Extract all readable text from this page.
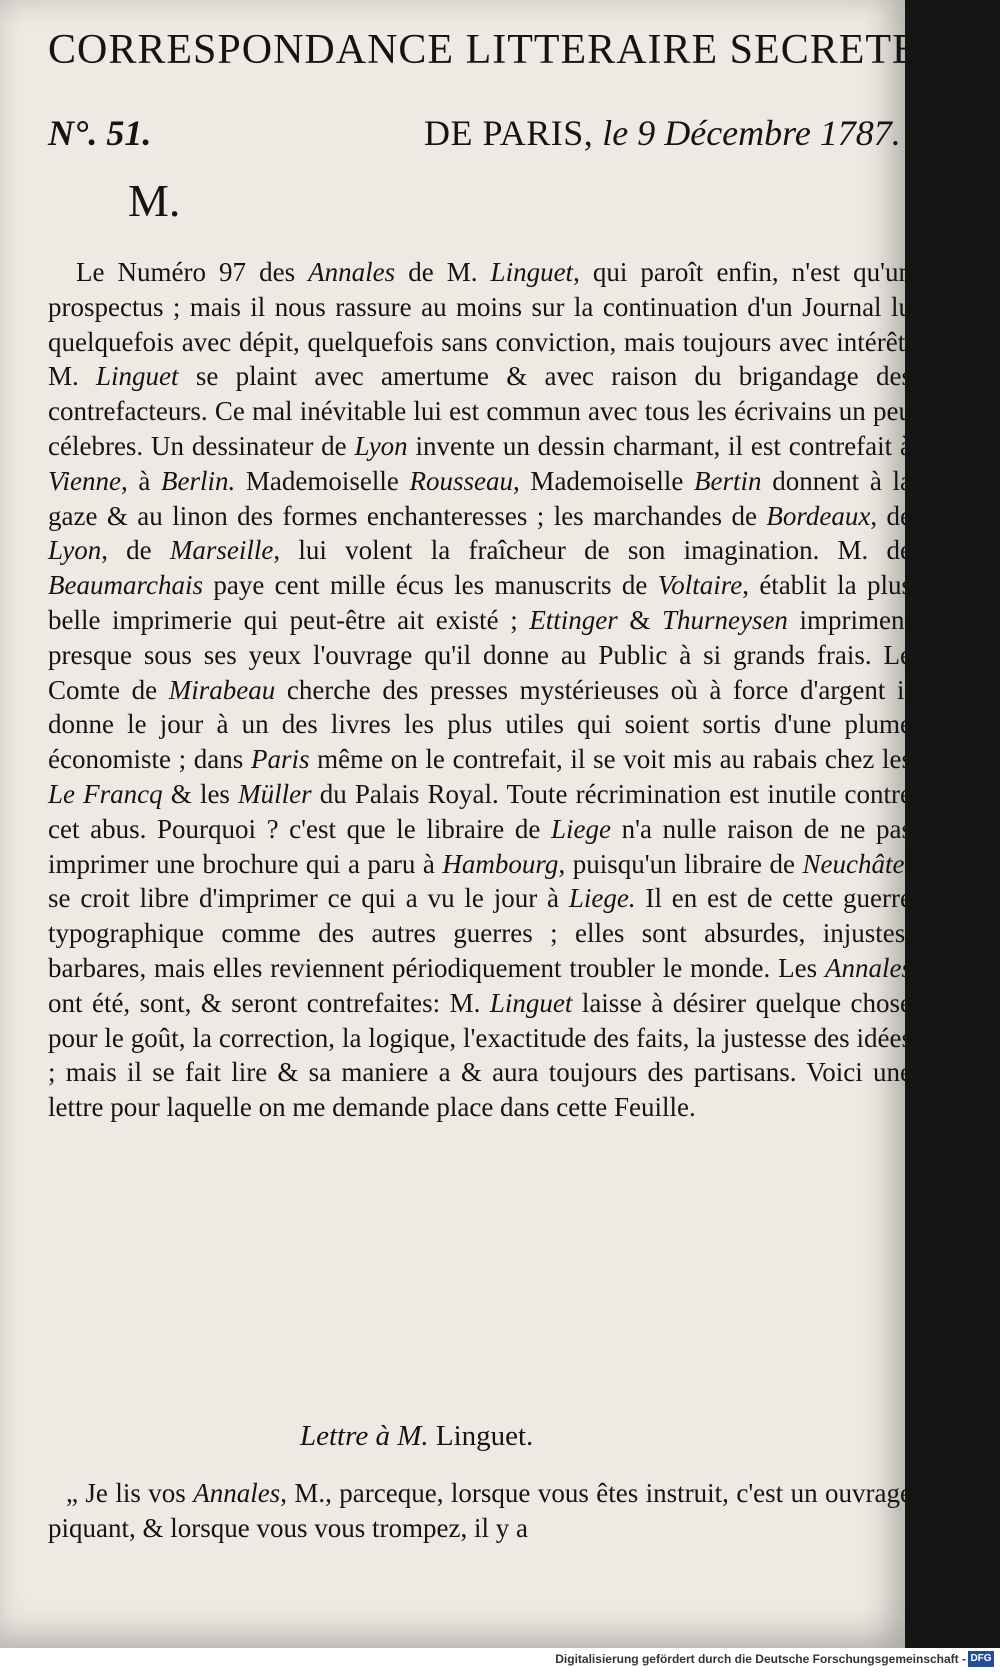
CORRESPONDANCE LITTERAIRE SECRETE.
N°. 51.	DE PARIS, le 9 Décembre 1787.
M.

Le Numéro 97 des Annales de M. Linguet, qui paroît enfin, n'est qu'un prospectus ; mais il nous rassure au moins sur la continuation d'un Journal lu quelquefois avec dépit, quelquefois sans conviction, mais toujours avec intérêt. M. Linguet se plaint avec amertume & avec raison du brigandage des contrefacteurs. Ce mal inévitable lui est commun avec tous les écrivains un peu célebres. Un dessinateur de Lyon invente un dessin charmant, il est contrefait à Vienne, à Berlin. Mademoiselle Rousseau, Mademoiselle Bertin donnent à la gaze & au linon des formes enchanteresses ; les marchandes de Bordeaux, de Lyon, de Marseille, lui volent la fraîcheur de son imagination. M. de Beaumarchais paye cent mille écus les manuscrits de Voltaire, établit la plus belle imprimerie qui peut-être ait existé ; Ettinger & Thurneysen impriment presque sous ses yeux l'ouvrage qu'il donne au Public à si grands frais. Le Comte de Mirabeau cherche des presses mystérieuses où à force d'argent il donne le jour à un des livres les plus utiles qui soient sortis d'une plume économiste ; dans Paris même on le contrefait, il se voit mis au rabais chez les Le Francq & les Müller du Palais Royal. Toute récrimination est inutile contre cet abus. Pourquoi ? c'est que le libraire de Liege n'a nulle raison de ne pas imprimer une brochure qui a paru à Hambourg, puisqu'un libraire de Neuchâtel se croit libre d'imprimer ce qui a vu le jour à Liege. Il en est de cette guerre typographique comme des autres guerres ; elles sont absurdes, injustes, barbares, mais elles reviennent périodiquement troubler le monde. Les Annales ont été, sont, & seront contrefaites: M. Linguet laisse à désirer quelque chose pour le goût, la correction, la logique, l'exactitude des faits, la justesse des idées ; mais il se fait lire & sa maniere a & aura toujours des partisans. Voici une lettre pour laquelle on me demande place dans cette Feuille.

Lettre à M. Linguet.

„ Je lis vos Annales, M., parceque, lorsque vous êtes instruit, c'est un ouvrage piquant, & lorsque vous vous trompez, il y a

Digitalisierung gefördert durch die Deutsche Forschungsgemeinschaft - DFG
